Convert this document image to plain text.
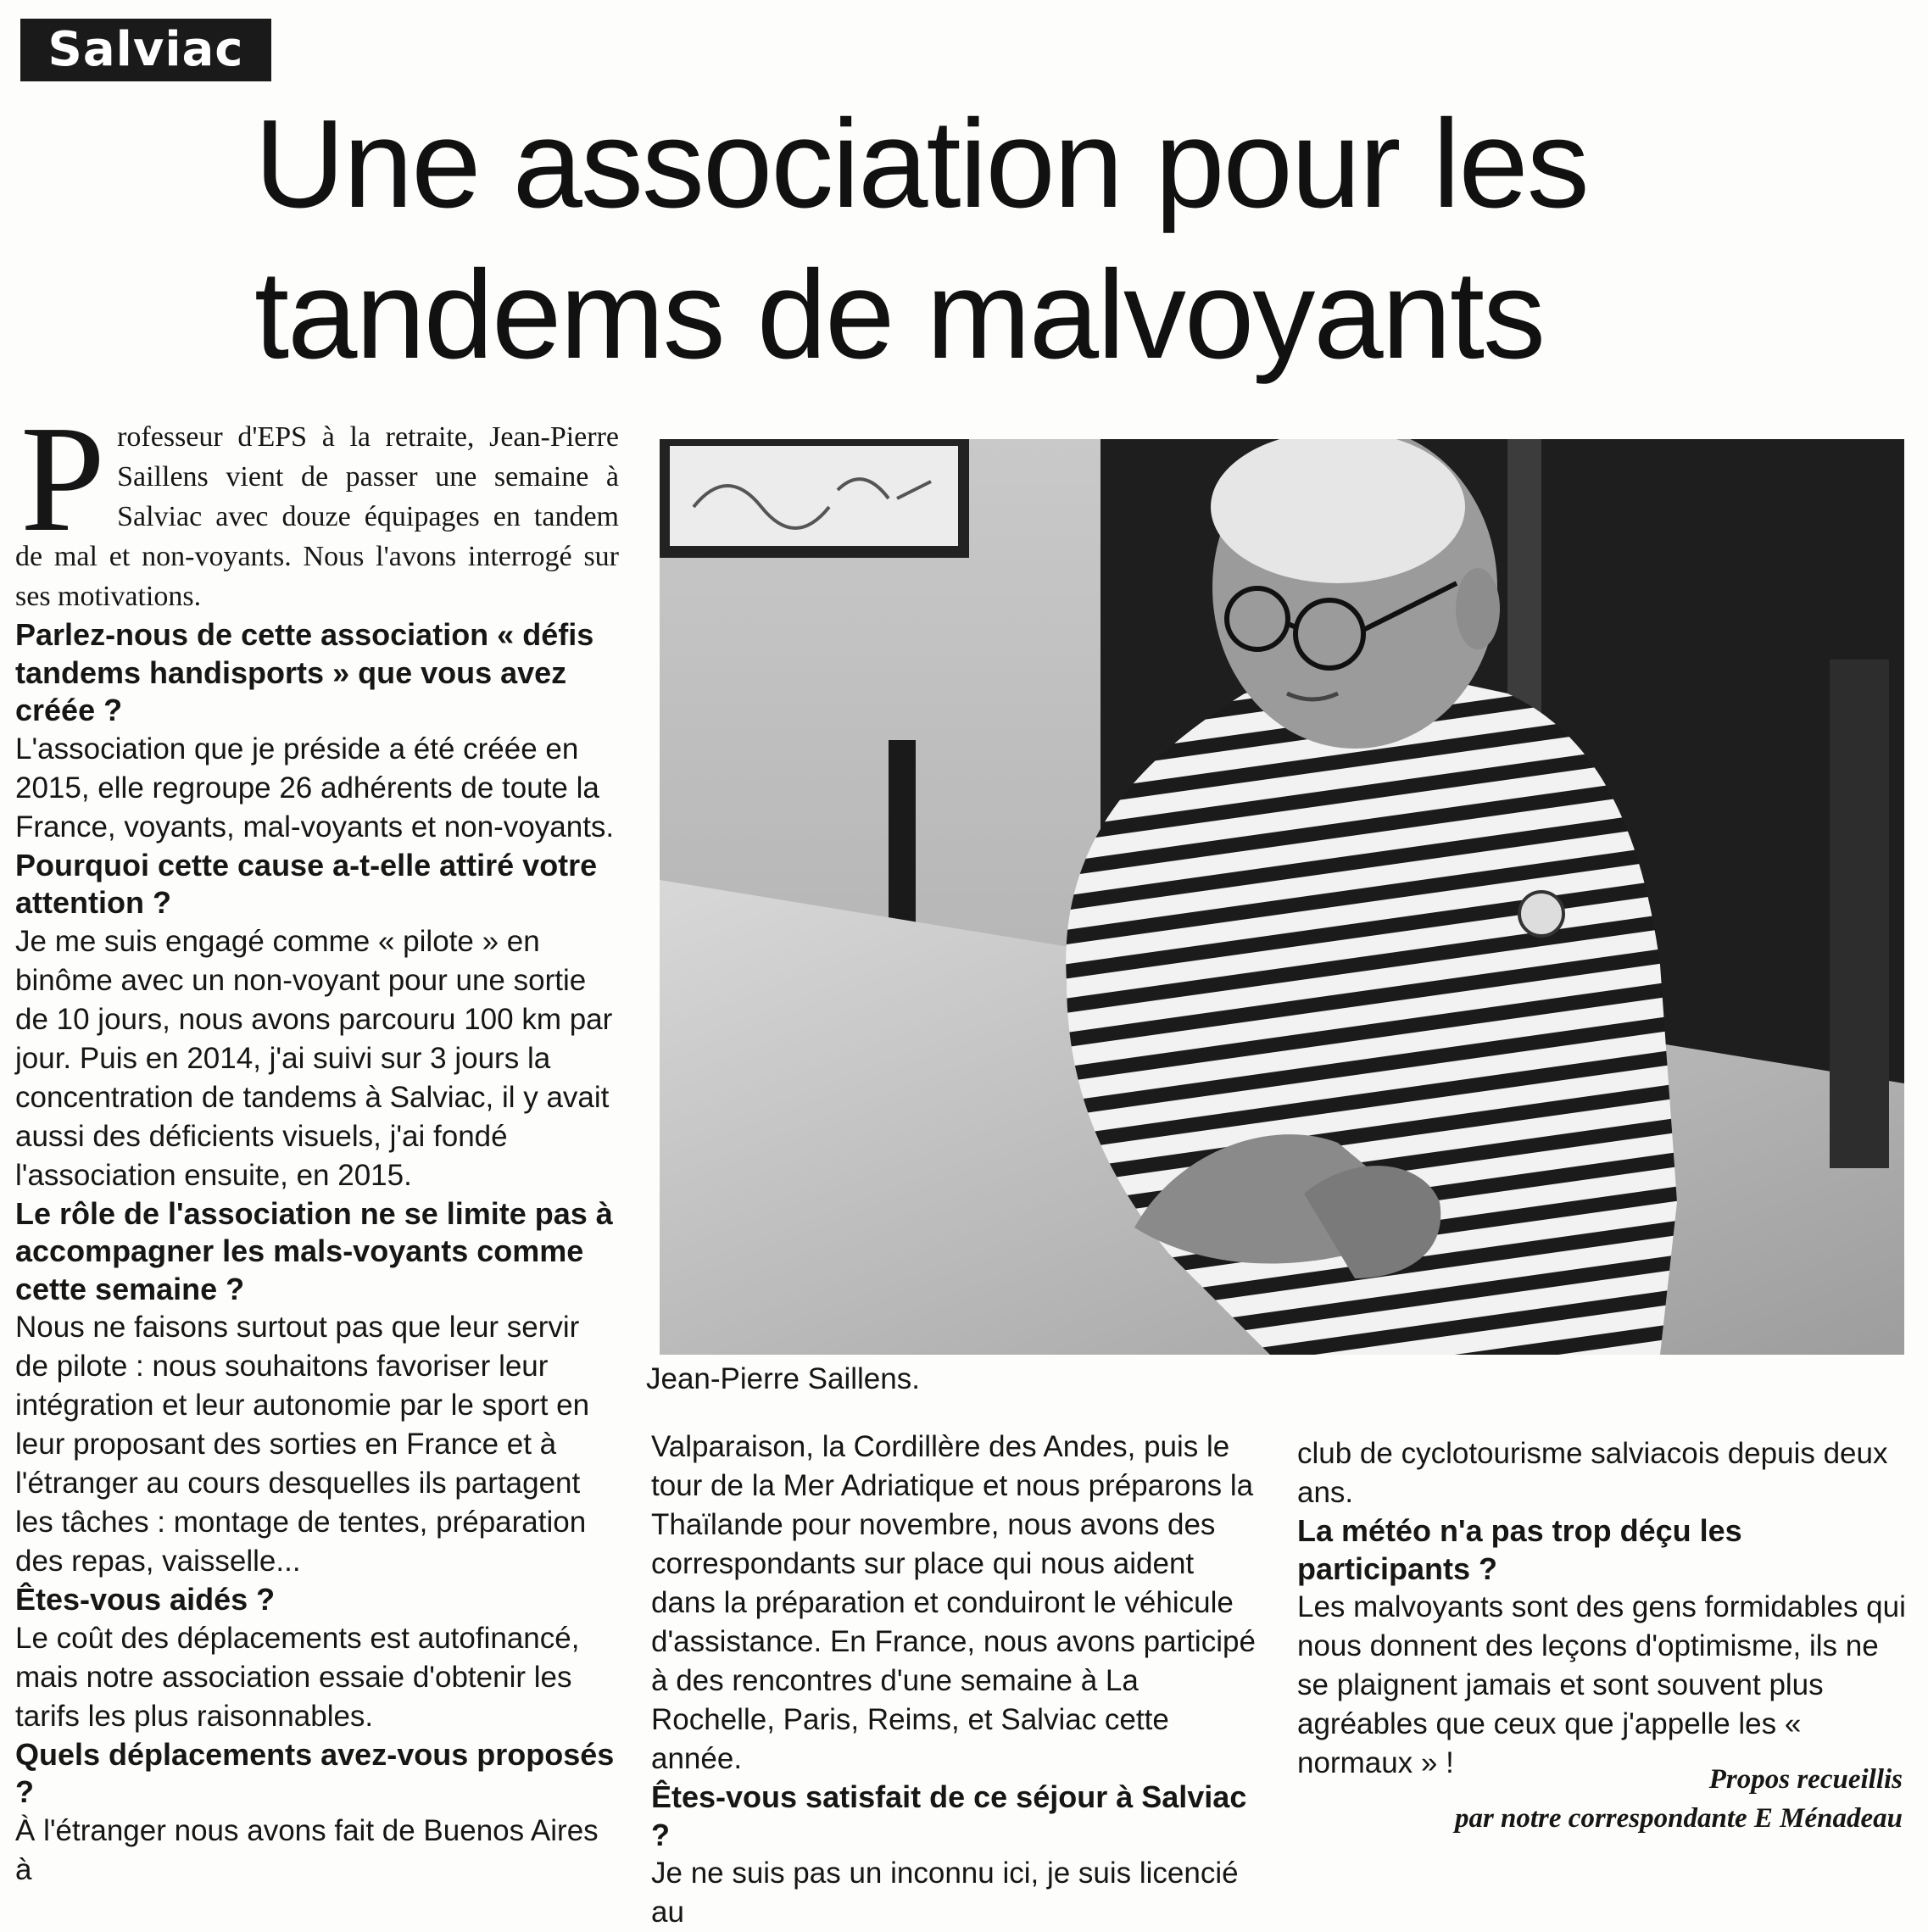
Salviac
Une association pour les
tandems de malvoyants

Professeur d'EPS à la retraite, Jean-Pierre Saillens vient de passer une semaine à Salviac avec douze équipages en tandem de mal et non-voyants. Nous l'avons interrogé sur ses motivations.

Parlez-nous de cette association « défis tandems handisports » que vous avez créée ?

L'association que je préside a été créée en 2015, elle regroupe 26 adhérents de toute la France, voyants, mal-voyants et non-voyants.

Pourquoi cette cause a-t-elle attiré votre attention ?

Je me suis engagé comme « pilote » en binôme avec un non-voyant pour une sortie de 10 jours, nous avons parcouru 100 km par jour. Puis en 2014, j'ai suivi sur 3 jours la concentration de tandems à Salviac, il y avait aussi des déficients visuels, j'ai fondé l'association ensuite, en 2015.

Le rôle de l'association ne se limite pas à accompagner les mals-voyants comme cette semaine ?

Nous ne faisons surtout pas que leur servir de pilote : nous souhaitons favoriser leur intégration et leur autonomie par le sport en leur proposant des sorties en France et à l'étranger au cours desquelles ils partagent les tâches : montage de tentes, préparation des repas, vaisselle...

Êtes-vous aidés ?

Le coût des déplacements est autofinancé, mais notre association essaie d'obtenir les tarifs les plus raisonnables.

Quels déplacements avez-vous proposés ?

À l'étranger nous avons fait de Buenos Aires à

Jean-Pierre Saillens.

Valparaison, la Cordillère des Andes, puis le tour de la Mer Adriatique et nous préparons la Thaïlande pour novembre, nous avons des correspondants sur place qui nous aident dans la préparation et conduiront le véhicule d'assistance. En France, nous avons participé à des rencontres d'une semaine à La Rochelle, Paris, Reims, et Salviac cette année.

Êtes-vous satisfait de ce séjour à Salviac ?

Je ne suis pas un inconnu ici, je suis licencié au

club de cyclotourisme salviacois depuis deux ans.

La météo n'a pas trop déçu les participants ?

Les malvoyants sont des gens formidables qui nous donnent des leçons d'optimisme, ils ne se plaignent jamais et sont souvent plus agréables que ceux que j'appelle les « normaux » !	Propos recueillis
par notre correspondante E Ménadeau
